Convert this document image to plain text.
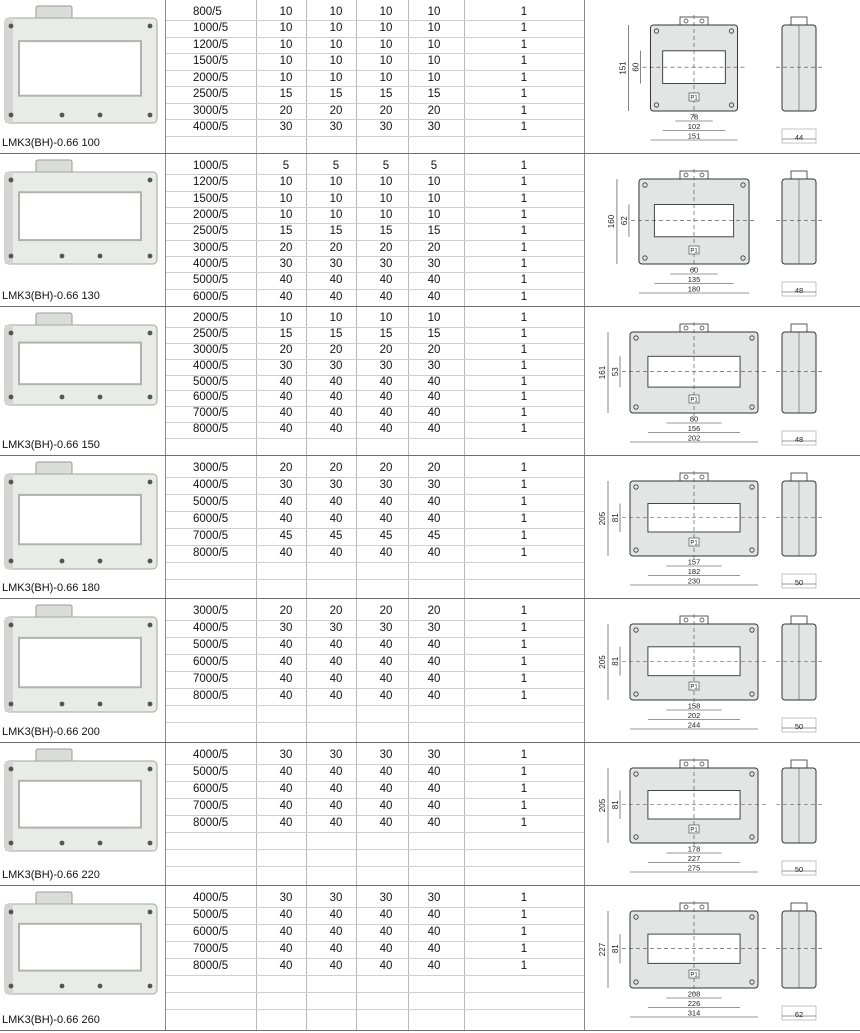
800/5	10	10	10	10	1
1000/5	10	10	10	10	1
1200/5	10	10	10	10	1
1500/5	10	10	10	10	1
2000/5	10	10	10	10	1
2500/5	15	15	15	15	1
3000/5	20	20	20	20	1
4000/5	30	30	30	30	1
LMK3(BH)-0.66 100
P1
151 60
78
102
151	44
1000/5	5	5	5	5	1
1200/5	10	10	10	10	1
1500/5	10	10	10	10	1
2000/5	10	10	10	10	1
2500/5	15	15	15	15	1
3000/5	20	20	20	20	1
4000/5	30	30	30	30	1
5000/5	40	40	40	40	1
6000/5	40	40	40	40	1
LMK3(BH)-0.66 130
P1
160 62
60
135
180	48
2000/5	10	10	10	10	1
2500/5	15	15	15	15	1
3000/5	20	20	20	20	1
4000/5	30	30	30	30	1
5000/5	40	40	40	40	1
6000/5	40	40	40	40	1
7000/5	40	40	40	40	1
8000/5	40	40	40	40	1
LMK3(BH)-0.66 150
P1
161 53
80
156
202	48
3000/5	20	20	20	20	1
4000/5	30	30	30	30	1
5000/5	40	40	40	40	1
6000/5	40	40	40	40	1
7000/5	45	45	45	45	1
8000/5	40	40	40	40	1
LMK3(BH)-0.66 180
P1
205 81
157
182
230	50
3000/5	20	20	20	20	1
4000/5	30	30	30	30	1
5000/5	40	40	40	40	1
6000/5	40	40	40	40	1
7000/5	40	40	40	40	1
8000/5	40	40	40	40	1
LMK3(BH)-0.66 200
P1
205 81
158
202
244	50
4000/5	30	30	30	30	1
5000/5	40	40	40	40	1
6000/5	40	40	40	40	1
7000/5	40	40	40	40	1
8000/5	40	40	40	40	1
LMK3(BH)-0.66 220
P1
205 81
178
227
275	50
4000/5	30	30	30	30	1
5000/5	40	40	40	40	1
6000/5	40	40	40	40	1
7000/5	40	40	40	40	1
8000/5	40	40	40	40	1
LMK3(BH)-0.66 260
P1
227 81
208
226
314	62
